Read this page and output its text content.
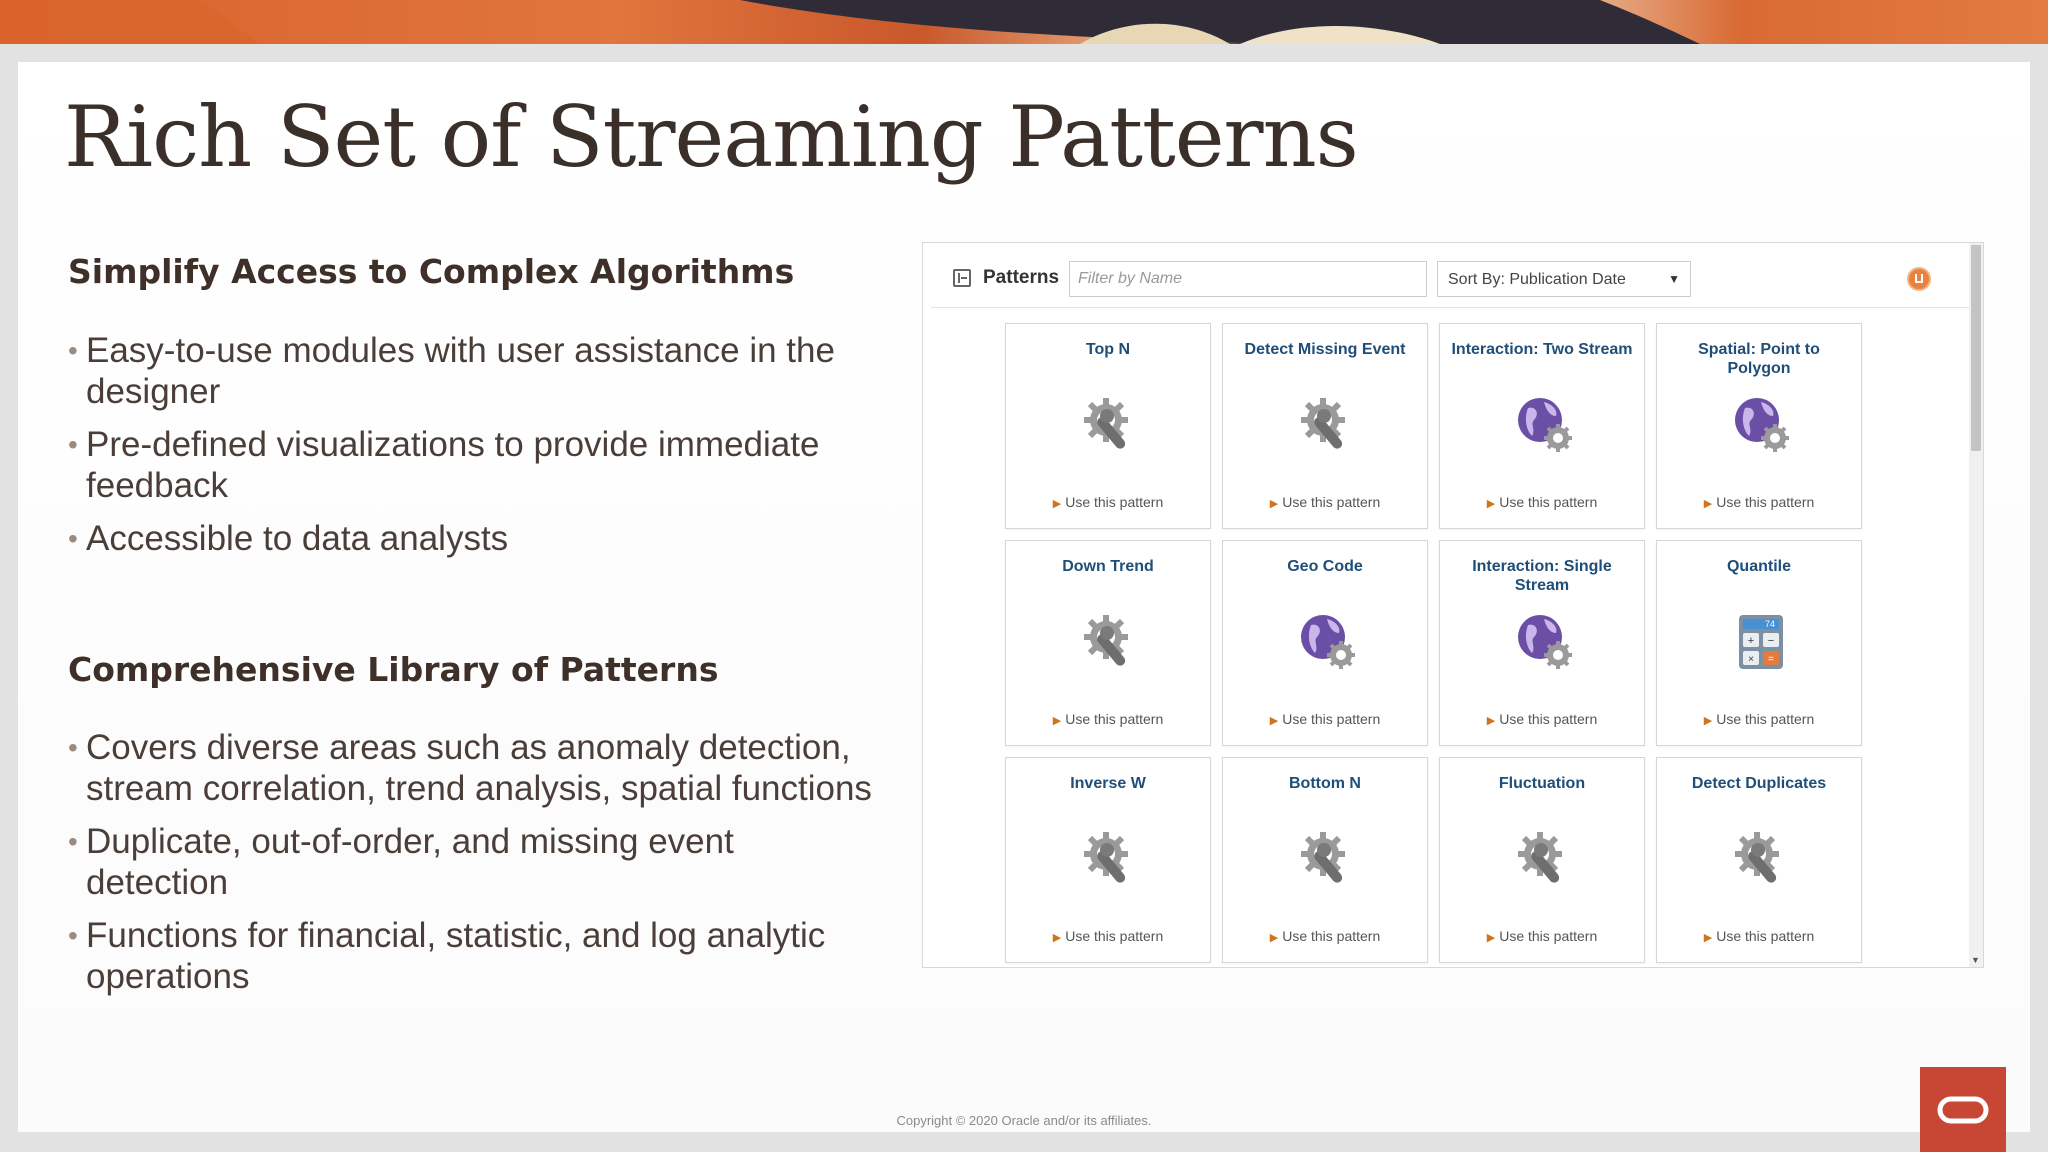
Rich Set of Streaming Patterns
Simplify Access to Complex Algorithms
• Easy-to-use modules with user assistance in the designer
• Pre-defined visualizations to provide immediate feedback
• Accessible to data analysts
Comprehensive Library of Patterns
• Covers diverse areas such as anomaly detection, stream correlation, trend analysis, spatial functions
• Duplicate, out-of-order, and missing event detection
• Functions for financial, statistic, and log analytic operations
Patterns
Filter by Name	Sort By: Publication Date	▼
Top N
▶ Use this pattern
Detect Missing Event
▶ Use this pattern
Interaction: Two Stream
▶ Use this pattern
Spatial: Point to Polygon
▶ Use this pattern
Down Trend
▶ Use this pattern
Geo Code
▶ Use this pattern
Interaction: Single Stream
▶ Use this pattern
Quantile
74
+ −
× =
▶ Use this pattern
Inverse W
▶ Use this pattern
Bottom N
▶ Use this pattern
Fluctuation
▶ Use this pattern
Detect Duplicates
▶ Use this pattern
▼
Copyright © 2020 Oracle and/or its affiliates.
